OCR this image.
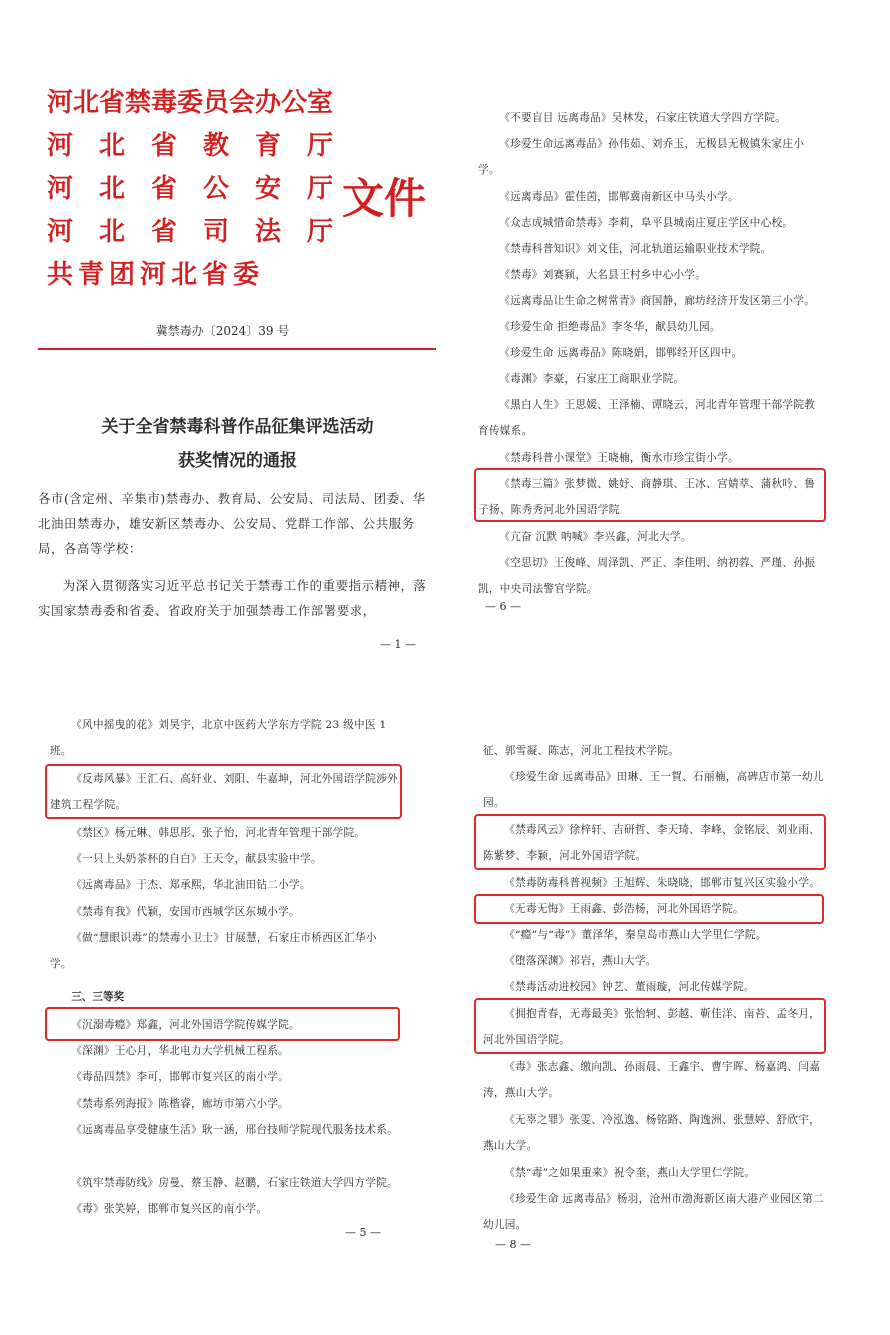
河北省禁毒委员会办公室
河　北　省　教　育　厅
河　北　省　公　安　厅
河　北　省　司　法　厅
共青团河北省委
文件
冀禁毒办〔2024〕39 号
关于全省禁毒科普作品征集评选活动
获奖情况的通报
各市(含定州、辛集市)禁毒办、教育局、公安局、司法局、团委、华北油田禁毒办，雄安新区禁毒办、公安局、党群工作部、公共服务局，各高等学校：
为深入贯彻落实习近平总书记关于禁毒工作的重要指示精神，落实国家禁毒委和省委、省政府关于加强禁毒工作部署要求，
— 1 —
《不要盲目 远离毒品》吴林发，石家庄铁道大学四方学院。
《珍爱生命远离毒品》孙伟茹、刘乔玉，无极县无极镇朱家庄小学。
《远离毒品》霍佳茵，邯郸冀南新区中马头小学。
《众志成城惜命禁毒》李莉，阜平县城南庄夏庄学区中心校。
《禁毒科普知识》刘文佳，河北轨道运输职业技术学院。
《禁毒》刘赛颍，大名县王村乡中心小学。
《远离毒品让生命之树常青》商国静，廊坊经济开发区第三小学。
《珍爱生命 拒绝毒品》李冬华，献县幼儿园。
《珍爱生命 远离毒品》陈晓娟，邯郸经开区四中。
《毒渊》李豪，石家庄工商职业学院。
《黑白人生》王思媛、王泽楠、谭晓云，河北青年管理干部学院教育传媒系。
《禁毒科普小课堂》王晓楠，衡水市珍宝街小学。
《禁毒三篇》张梦微、姚妤、商静琪、王冰、宫婧萃、蒲秋吟、鲁子扬、陈秀秀河北外国语学院
《亢奋 沉默 呐喊》李兴鑫，河北大学。
《空思切》王俊峰、周泽凯、严正、李佳明、纳初蓉、严瑾、孙振凯，中央司法警官学院。
— 6 —
《风中摇曳的花》刘昊宇，北京中医药大学东方学院 23 级中医 1 班。
《反毒风暴》王汇石、高轩业、刘阳、牛嘉坤，河北外国语学院涉外建筑工程学院。
《禁区》杨元琳、韩思彤、张子怡，河北青年管理干部学院。
《一只上头奶茶杯的自白》王天令，献县实验中学。
《远离毒品》于杰、郑承熙，华北油田钻二小学。
《禁毒有我》代颖，安国市西城学区东城小学。
《做“慧眼识毒”的禁毒小卫士》甘展慧，石家庄市桥西区汇华小学。
三、三等奖
《沉溺毒瘾》郑鑫，河北外国语学院传媒学院。
《深渊》王心月，华北电力大学机械工程系。
《毒品四禁》李可，邯郸市复兴区的南小学。
《禁毒系列海报》陈楷睿，廊坊市第六小学。
《远离毒品享受健康生活》耿一涵，邢台技师学院现代服务技术系。
《筑牢禁毒防线》房曼、蔡玉静、赵鹏，石家庄铁道大学四方学院。
《毒》张笑婷，邯郸市复兴区的南小学。
— 5 —
征、郭雪凝、陈志，河北工程技术学院。
《珍爱生命 远离毒品》田琳、王一賀、石丽楠，高碑店市第一幼儿园。
《禁毒风云》徐梓轩、吉研哲、李天琦、李峰、金铭辰、刘业雨、陈紫梦、李颖，河北外国语学院。
《禁毒防毒科普视频》王旭辉、朱晓晓，邯郸市复兴区实验小学。
《无毒无悔》王雨鑫、彭浩杨，河北外国语学院。
《“瘾”与“毒”》董泽华，秦皇岛市燕山大学里仁学院。
《堕落深渊》祁岩，燕山大学。
《禁毒活动进校园》钟艺、董雨璇，河北传媒学院。
《拥抱青春，无毒最美》张怡轲、彭越、靳佳洋、南苔、孟冬月，河北外国语学院。
《毒》张志鑫、缴向凯、孙雨晨、王鑫宇、曹宇晖、杨嘉鸿、闫嘉涛，燕山大学。
《无辜之罪》张雯、冷泓逸、杨铭路、陶逸洲、张慧婷、舒欣宇，燕山大学。
《禁“毒”之如果重来》祝令奎，燕山大学里仁学院。
《珍爱生命 远离毒品》杨羽，沧州市渤海新区南大港产业园区第二幼儿园。
— 8 —
